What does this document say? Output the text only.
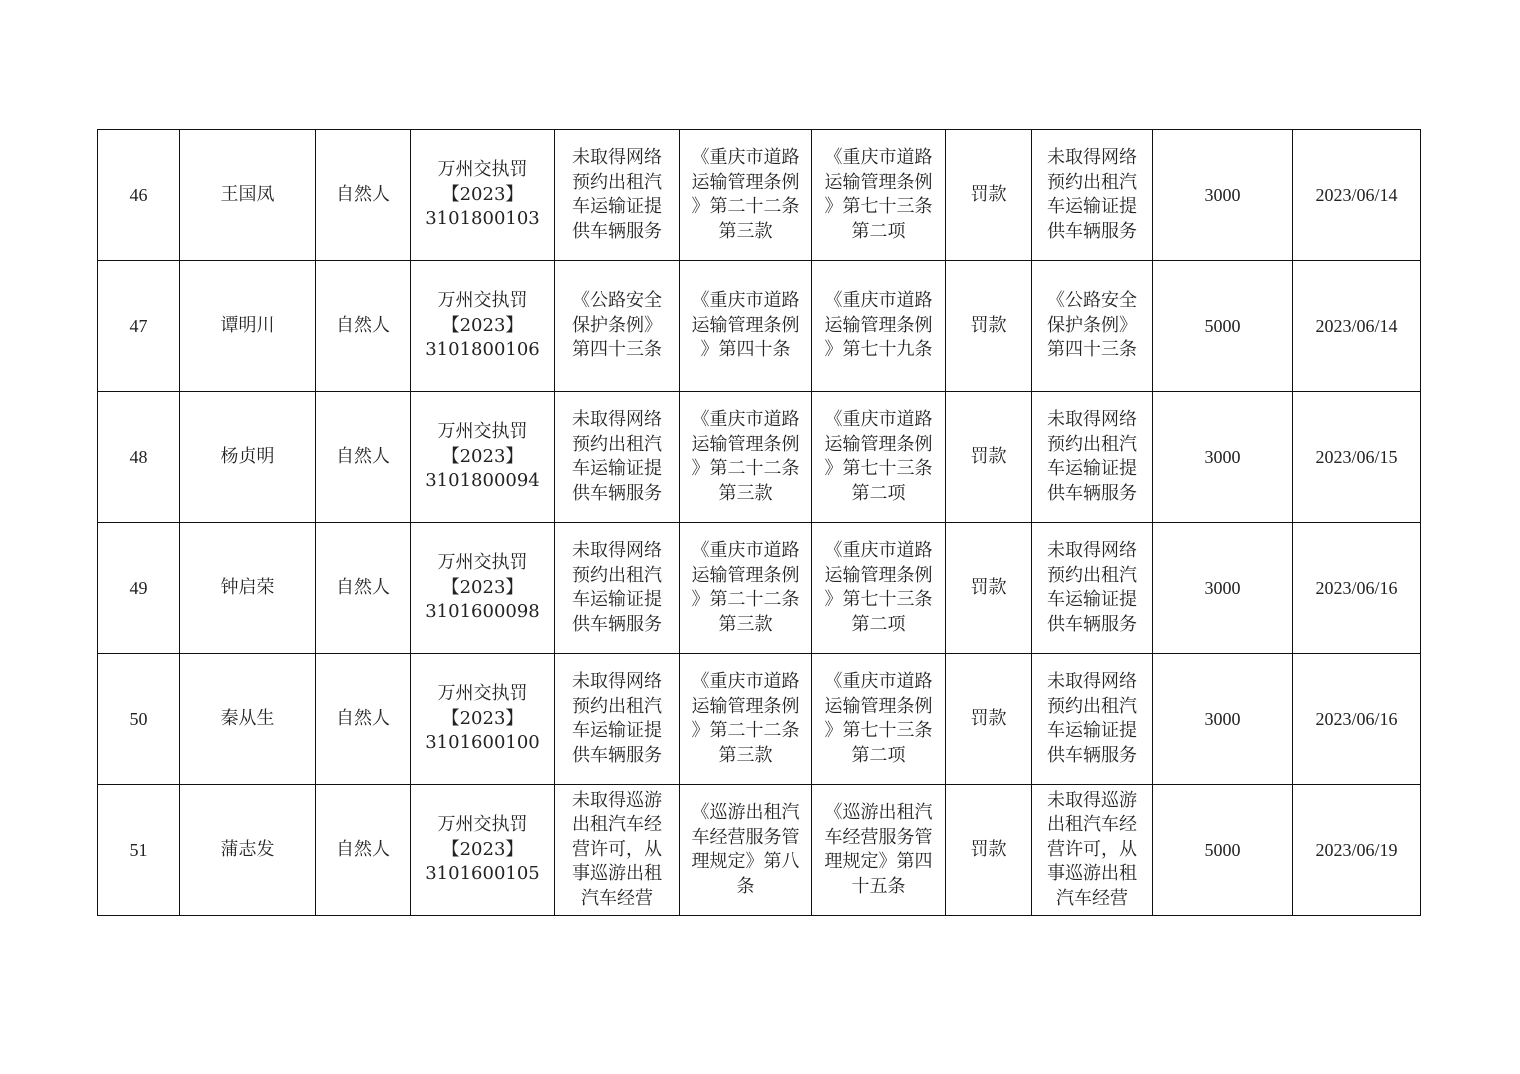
46	王国凤	自然人	万州交执罚
【2023】
3101800103	未取得网络
预约出租汽
车运输证提
供车辆服务	《重庆市道路
运输管理条例
》第二十二条
第三款	《重庆市道路
运输管理条例
》第七十三条
第二项	罚款	未取得网络
预约出租汽
车运输证提
供车辆服务	3000	2023/06/14
47	谭明川	自然人	万州交执罚
【2023】
3101800106	《公路安全
保护条例》
第四十三条	《重庆市道路
运输管理条例
》第四十条	《重庆市道路
运输管理条例
》第七十九条	罚款	《公路安全
保护条例》
第四十三条	5000	2023/06/14
48	杨贞明	自然人	万州交执罚
【2023】
3101800094	未取得网络
预约出租汽
车运输证提
供车辆服务	《重庆市道路
运输管理条例
》第二十二条
第三款	《重庆市道路
运输管理条例
》第七十三条
第二项	罚款	未取得网络
预约出租汽
车运输证提
供车辆服务	3000	2023/06/15
49	钟启荣	自然人	万州交执罚
【2023】
3101600098	未取得网络
预约出租汽
车运输证提
供车辆服务	《重庆市道路
运输管理条例
》第二十二条
第三款	《重庆市道路
运输管理条例
》第七十三条
第二项	罚款	未取得网络
预约出租汽
车运输证提
供车辆服务	3000	2023/06/16
50	秦从生	自然人	万州交执罚
【2023】
3101600100	未取得网络
预约出租汽
车运输证提
供车辆服务	《重庆市道路
运输管理条例
》第二十二条
第三款	《重庆市道路
运输管理条例
》第七十三条
第二项	罚款	未取得网络
预约出租汽
车运输证提
供车辆服务	3000	2023/06/16
51	蒲志发	自然人	万州交执罚
【2023】
3101600105	未取得巡游
出租汽车经
营许可，从
事巡游出租
汽车经营	《巡游出租汽
车经营服务管
理规定》第八
条	《巡游出租汽
车经营服务管
理规定》第四
十五条	罚款	未取得巡游
出租汽车经
营许可，从
事巡游出租
汽车经营	5000	2023/06/19
